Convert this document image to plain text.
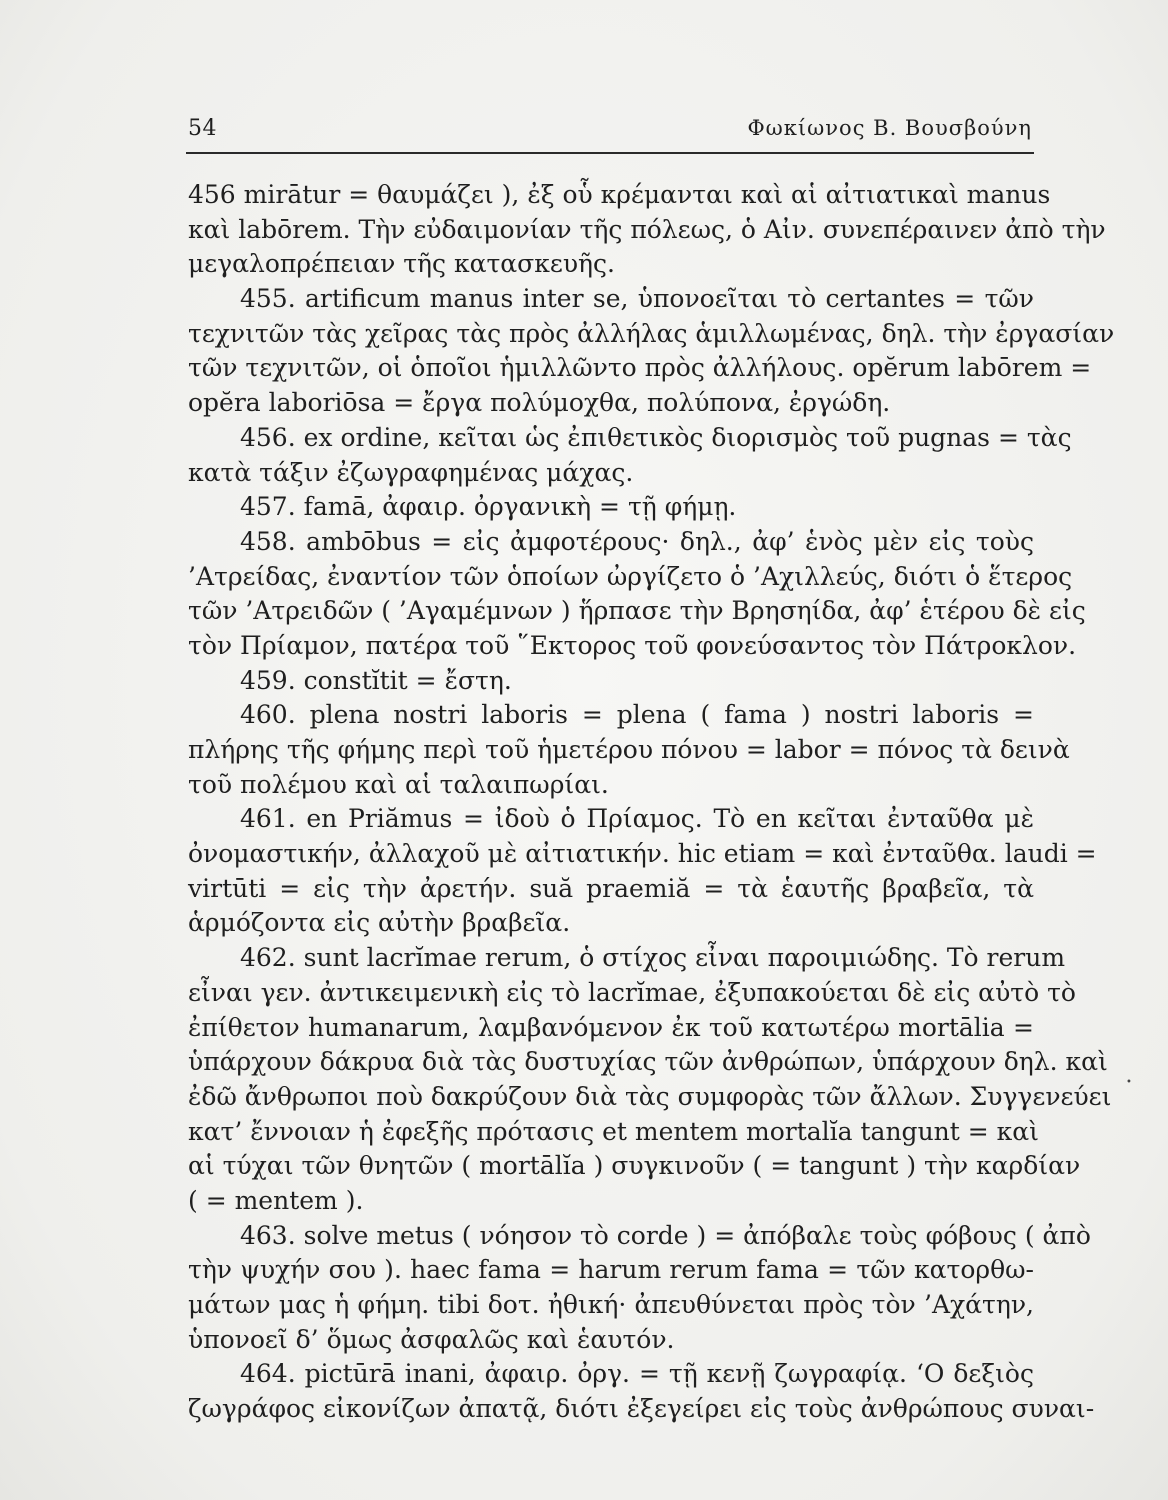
54	Φωκίωνος Β. Βουσβούνη
456 mirātur = θαυμάζει ), ἐξ οὗ κρέμανται καὶ αἱ αἰτιατικαὶ manus
καὶ labōrem. Τὴν εὐδαιμονίαν τῆς πόλεως, ὁ Αἰν. συνεπέραινεν ἀπὸ τὴν
μεγαλοπρέπειαν τῆς κατασκευῆς.
455. artificum manus inter se, ὑπονοεῖται τὸ certantes = τῶν
τεχνιτῶν τὰς χεῖρας τὰς πρὸς ἀλλήλας ἁμιλλωμένας, δηλ. τὴν ἐργασίαν
τῶν τεχνιτῶν, οἱ ὁποῖοι ἡμιλλῶντο πρὸς ἀλλήλους. opĕrum labōrem =
opĕra laboriōsa = ἔργα πολύμοχθα, πολύπονα, ἐργώδη.
456. ex ordine, κεῖται ὡς ἐπιθετικὸς διορισμὸς τοῦ pugnas = τὰς
κατὰ τάξιν ἐζωγραφημένας μάχας.
457. famā, ἀφαιρ. ὀργανικὴ = τῇ φήμῃ.
458. ambōbus = εἰς ἀμφοτέρους· δηλ., ἀφ’ ἑνὸς μὲν εἰς τοὺς
’Ατρείδας, ἐναντίον τῶν ὁποίων ὠργίζετο ὁ ’Αχιλλεύς, διότι ὁ ἕτερος
τῶν ’Ατρειδῶν ( ’Αγαμέμνων ) ἥρπασε τὴν Βρησηίδα, ἀφ’ ἑτέρου δὲ εἰς
τὸν Πρίαμον, πατέρα τοῦ ῞Εκτορος τοῦ φονεύσαντος τὸν Πάτροκλον.
459. constĭtit = ἔστη.
460. plena nostri laboris = plena ( fama ) nostri laboris =
πλήρης τῆς φήμης περὶ τοῦ ἡμετέρου πόνου = labor = πόνος τὰ δεινὰ
τοῦ πολέμου καὶ αἱ ταλαιπωρίαι.
461. en Priămus = ἰδοὺ ὁ Πρίαμος. Τὸ en κεῖται ἐνταῦθα μὲ
ὀνομαστικήν, ἀλλαχοῦ μὲ αἰτιατικήν. hic etiam = καὶ ἐνταῦθα. laudi =
virtūti = εἰς τὴν ἀρετήν. suă praemiă = τὰ ἑαυτῆς βραβεῖα, τὰ
ἁρμόζοντα εἰς αὐτὴν βραβεῖα.
462. sunt lacrĭmae rerum, ὁ στίχος εἶναι παροιμιώδης. Τὸ rerum
εἶναι γεν. ἀντικειμενικὴ εἰς τὸ lacrĭmae, ἐξυπακούεται δὲ εἰς αὐτὸ τὸ
ἐπίθετον humanarum, λαμβανόμενον ἐκ τοῦ κατωτέρω mortālia =
ὑπάρχουν δάκρυα διὰ τὰς δυστυχίας τῶν ἀνθρώπων, ὑπάρχουν δηλ. καὶ
ἐδῶ ἄνθρωποι ποὺ δακρύζουν διὰ τὰς συμφορὰς τῶν ἄλλων. Συγγενεύει
κατ’ ἔννοιαν ἡ ἐφεξῆς πρότασις et mentem mortalĭa tangunt = καὶ
αἱ τύχαι τῶν θνητῶν ( mortālĭa ) συγκινοῦν ( = tangunt ) τὴν καρδίαν
( = mentem ).
463. solve metus ( νόησον τὸ corde ) = ἀπόβαλε τοὺς φόβους ( ἀπὸ
τὴν ψυχήν σου ). haec fama = harum rerum fama = τῶν κατορθω-
μάτων μας ἡ φήμη. tibi δοτ. ἠθική· ἀπευθύνεται πρὸς τὸν ’Αχάτην,
ὑπονοεῖ δ’ ὅμως ἀσφαλῶς καὶ ἑαυτόν.
464. pictūrā inani, ἀφαιρ. ὀργ. = τῇ κενῇ ζωγραφίᾳ. ‘Ο δεξιὸς
ζωγράφος εἰκονίζων ἀπατᾷ, διότι ἐξεγείρει εἰς τοὺς ἀνθρώπους συναι-
•
